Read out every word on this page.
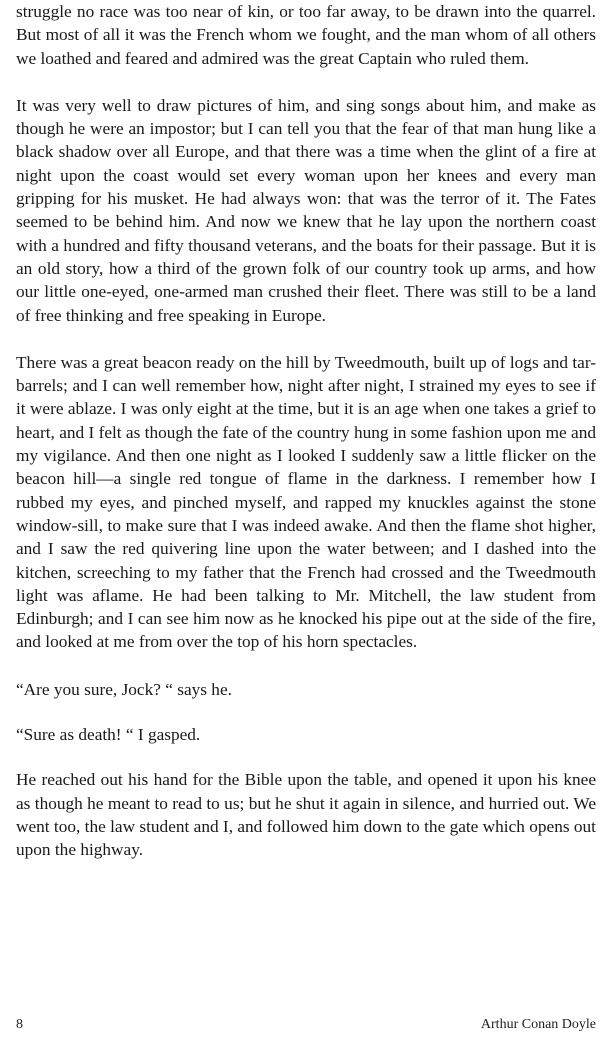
struggle no race was too near of kin, or too far away, to be drawn into the quarrel. But most of all it was the French whom we fought, and the man whom of all others we loathed and feared and admired was the great Captain who ruled them.

It was very well to draw pictures of him, and sing songs about him, and make as though he were an impostor; but I can tell you that the fear of that man hung like a black shadow over all Europe, and that there was a time when the glint of a fire at night upon the coast would set every woman upon her knees and every man gripping for his musket. He had always won: that was the terror of it. The Fates seemed to be behind him. And now we knew that he lay upon the northern coast with a hundred and fifty thousand veterans, and the boats for their passage. But it is an old story, how a third of the grown folk of our country took up arms, and how our little one-eyed, one-armed man crushed their fleet. There was still to be a land of free thinking and free speaking in Europe.

There was a great beacon ready on the hill by Tweedmouth, built up of logs and tar-barrels; and I can well remember how, night after night, I strained my eyes to see if it were ablaze. I was only eight at the time, but it is an age when one takes a grief to heart, and I felt as though the fate of the country hung in some fashion upon me and my vigilance. And then one night as I looked I suddenly saw a little flicker on the beacon hill—a single red tongue of flame in the darkness. I remember how I rubbed my eyes, and pinched myself, and rapped my knuckles against the stone window-sill, to make sure that I was indeed awake. And then the flame shot higher, and I saw the red quivering line upon the water between; and I dashed into the kitchen, screeching to my father that the French had crossed and the Tweedmouth light was aflame. He had been talking to Mr. Mitchell, the law student from Edinburgh; and I can see him now as he knocked his pipe out at the side of the fire, and looked at me from over the top of his horn spectacles.

“Are you sure, Jock? “ says he.

“Sure as death! “ I gasped.

He reached out his hand for the Bible upon the table, and opened it upon his knee as though he meant to read to us; but he shut it again in silence, and hurried out. We went too, the law student and I, and followed him down to the gate which opens out upon the highway.

8	Arthur Conan Doyle
